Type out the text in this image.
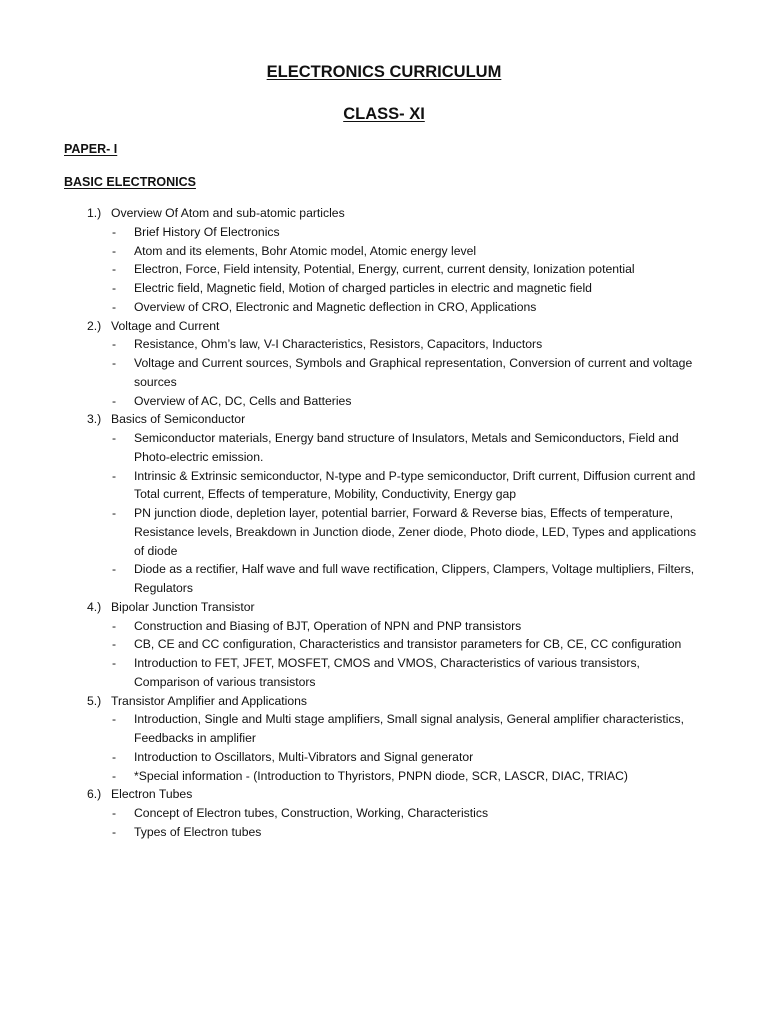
ELECTRONICS CURRICULUM
CLASS- XI
PAPER- I
BASIC ELECTRONICS
1.) Overview Of Atom and sub-atomic particles
- Brief History Of Electronics
- Atom and its elements, Bohr Atomic model, Atomic energy level
- Electron, Force, Field intensity, Potential, Energy, current, current density, Ionization potential
- Electric field, Magnetic field, Motion of charged particles in electric and magnetic field
- Overview of CRO, Electronic and Magnetic deflection in CRO, Applications
2.) Voltage and Current
- Resistance, Ohm’s law, V-I Characteristics, Resistors, Capacitors, Inductors
- Voltage and Current sources, Symbols and Graphical representation, Conversion of current and voltage sources
- Overview of AC, DC, Cells and Batteries
3.) Basics of Semiconductor
- Semiconductor materials, Energy band structure of Insulators, Metals and Semiconductors, Field and Photo-electric emission.
- Intrinsic & Extrinsic semiconductor, N-type and P-type semiconductor, Drift current, Diffusion current and Total current, Effects of temperature, Mobility, Conductivity, Energy gap
- PN junction diode, depletion layer, potential barrier, Forward & Reverse bias, Effects of temperature, Resistance levels, Breakdown in Junction diode, Zener diode, Photo diode, LED, Types and applications of diode
- Diode as a rectifier, Half wave and full wave rectification, Clippers, Clampers, Voltage multipliers, Filters, Regulators
4.) Bipolar Junction Transistor
- Construction and Biasing of BJT, Operation of NPN and PNP transistors
- CB, CE and CC configuration, Characteristics and transistor parameters for CB, CE, CC configuration
- Introduction to FET, JFET, MOSFET, CMOS and VMOS, Characteristics of various transistors, Comparison of various transistors
5.) Transistor Amplifier and Applications
- Introduction, Single and Multi stage amplifiers, Small signal analysis, General amplifier characteristics, Feedbacks in amplifier
- Introduction to Oscillators, Multi-Vibrators and Signal generator
- *Special information - (Introduction to Thyristors, PNPN diode, SCR, LASCR, DIAC, TRIAC)
6.) Electron Tubes
- Concept of Electron tubes, Construction, Working, Characteristics
- Types of Electron tubes
